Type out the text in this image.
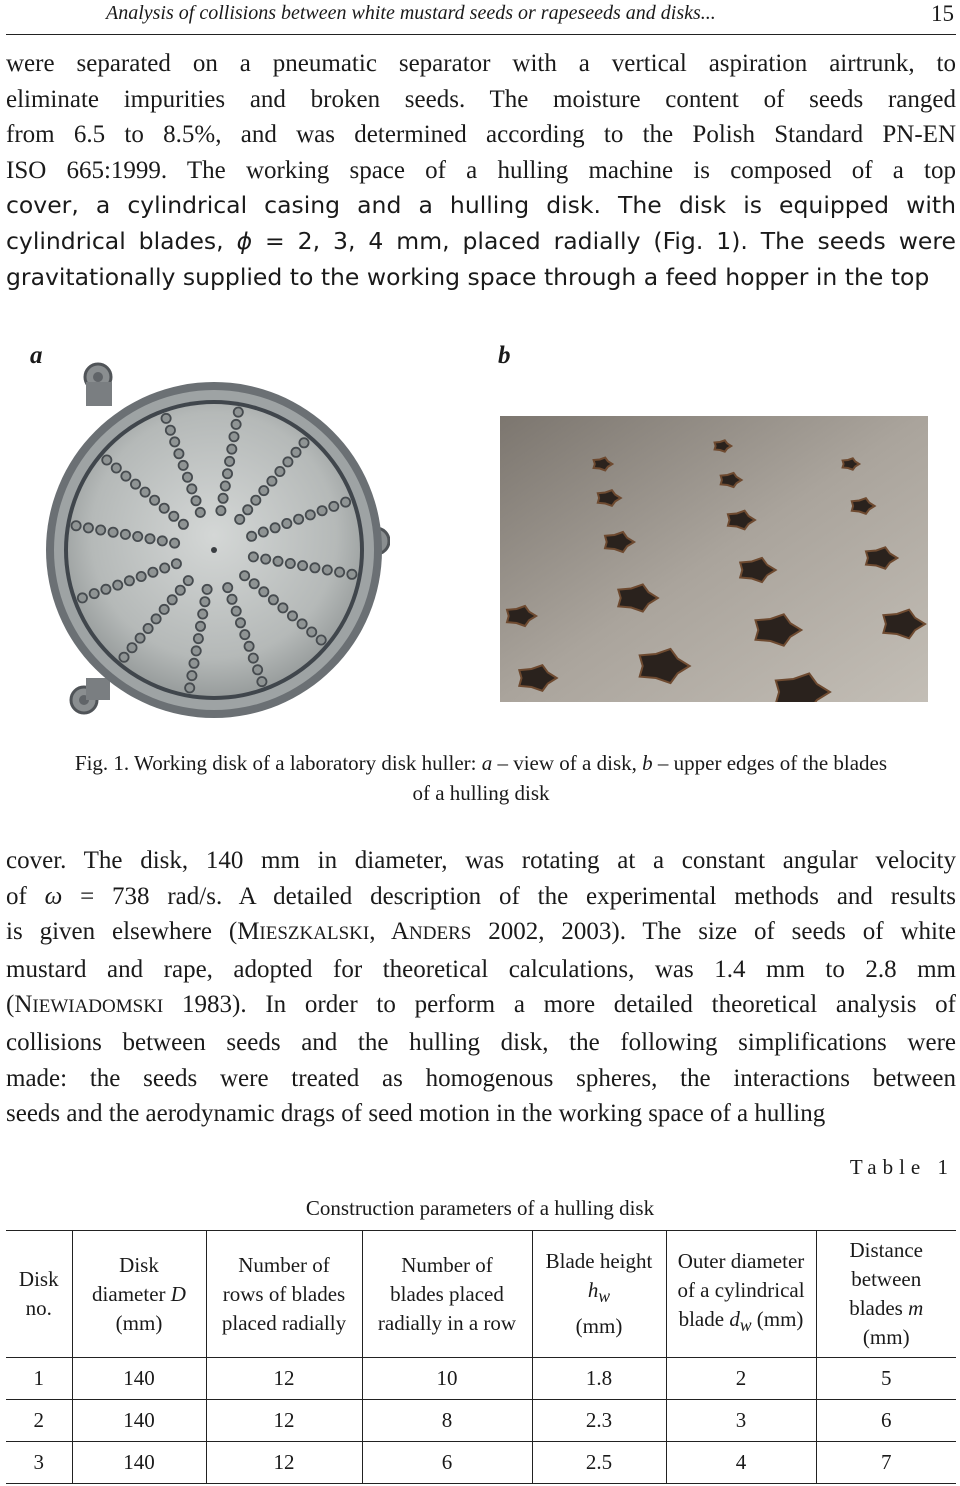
Analysis of collisions between white mustard seeds or rapeseeds and disks...	15
were separated on a pneumatic separator with a vertical aspiration airtrunk, to
eliminate impurities and broken seeds. The moisture content of seeds ranged
from 6.5 to 8.5%, and was determined according to the Polish Standard PN-EN
ISO 665:1999. The working space of a hulling machine is composed of a top
cover, a cylindrical casing and a hulling disk. The disk is equipped with
cylindrical blades, ϕ = 2, 3, 4 mm, placed radially (Fig. 1). The seeds were
gravitationally supplied to the working space through a feed hopper in the top
a	b
Fig. 1. Working disk of a laboratory disk huller: a – view of a disk, b – upper edges of the blades
of a hulling disk
cover. The disk, 140 mm in diameter, was rotating at a constant angular velocity
of ω = 738 rad/s. A detailed description of the experimental methods and results
is given elsewhere (MIESZKALSKI, ANDERS 2002, 2003). The size of seeds of white
mustard and rape, adopted for theoretical calculations, was 1.4 mm to 2.8 mm
(NIEWIADOMSKI 1983). In order to perform a more detailed theoretical analysis of
collisions between seeds and the hulling disk, the following simplifications were
made: the seeds were treated as homogenous spheres, the interactions between
seeds and the aerodynamic drags of seed motion in the working space of a hulling
Table 1
Construction parameters of a hulling disk
Disk
no.	Disk
diameter D
(mm)	Number of
rows of blades
placed radially	Number of
blades placed
radially in a row	Blade height
$h_w$
(mm)	Outer diameter
of a cylindrical
blade $d_w$ (mm)	Distance
between
blades m
(mm)
1	140	12	10	1.8	2	5
2	140	12	8	2.3	3	6
3	140	12	6	2.5	4	7
